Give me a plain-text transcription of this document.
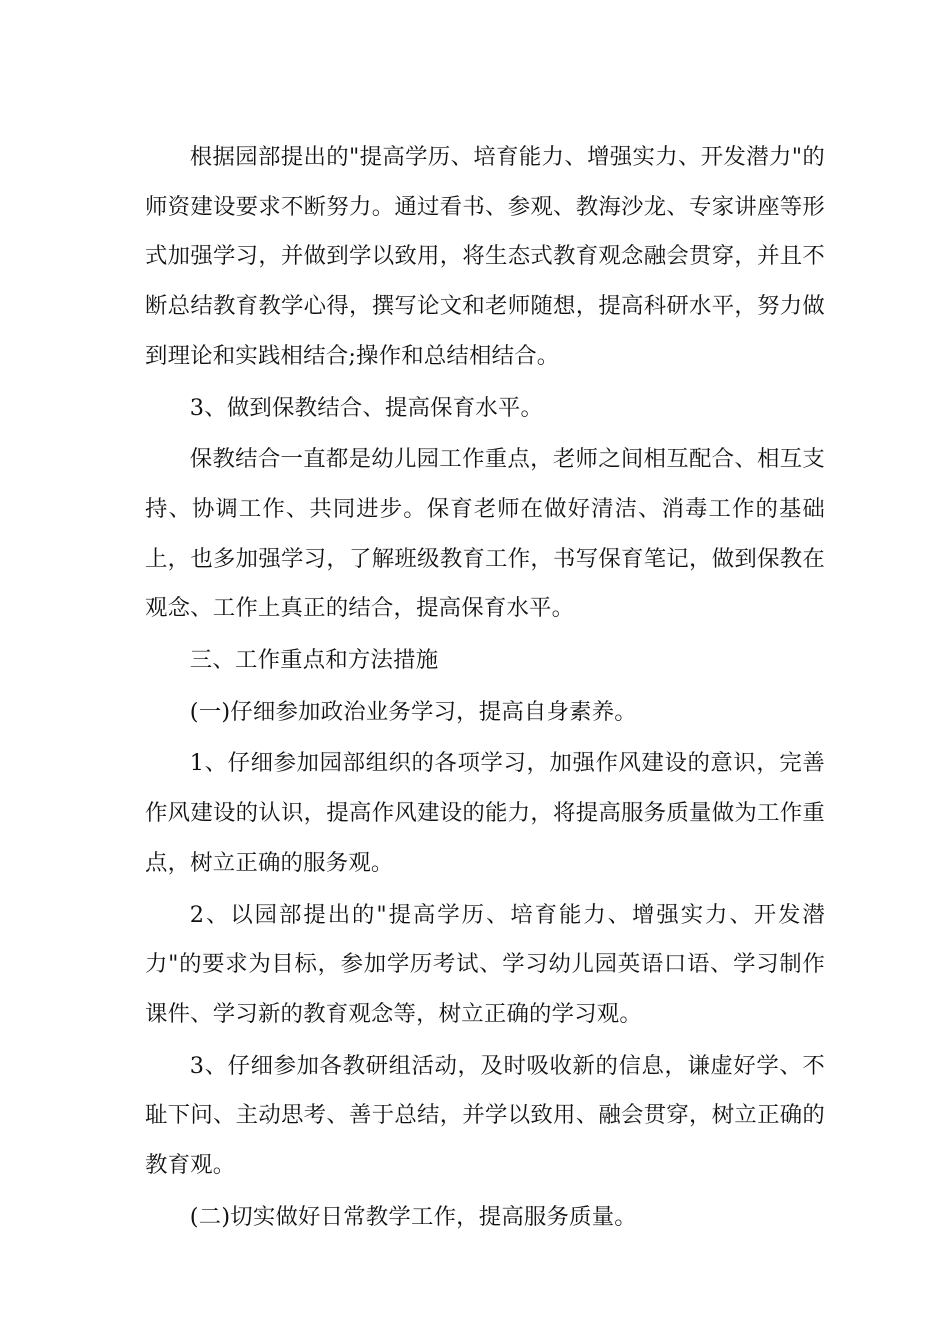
根据园部提出的"提高学历、培育能力、增强实力、开发潜力"的师资建设要求不断努力。通过看书、参观、教海沙龙、专家讲座等形式加强学习，并做到学以致用，将生态式教育观念融会贯穿，并且不断总结教育教学心得，撰写论文和老师随想，提高科研水平，努力做到理论和实践相结合;操作和总结相结合。

3、做到保教结合、提高保育水平。

保教结合一直都是幼儿园工作重点，老师之间相互配合、相互支持、协调工作、共同进步。保育老师在做好清洁、消毒工作的基础上，也多加强学习，了解班级教育工作，书写保育笔记，做到保教在观念、工作上真正的结合，提高保育水平。

三、工作重点和方法措施

(一)仔细参加政治业务学习，提高自身素养。

1、仔细参加园部组织的各项学习，加强作风建设的意识，完善作风建设的认识，提高作风建设的能力，将提高服务质量做为工作重点，树立正确的服务观。

2、以园部提出的"提高学历、培育能力、增强实力、开发潜力"的要求为目标，参加学历考试、学习幼儿园英语口语、学习制作课件、学习新的教育观念等，树立正确的学习观。

3、仔细参加各教研组活动，及时吸收新的信息，谦虚好学、不耻下问、主动思考、善于总结，并学以致用、融会贯穿，树立正确的教育观。

(二)切实做好日常教学工作，提高服务质量。
